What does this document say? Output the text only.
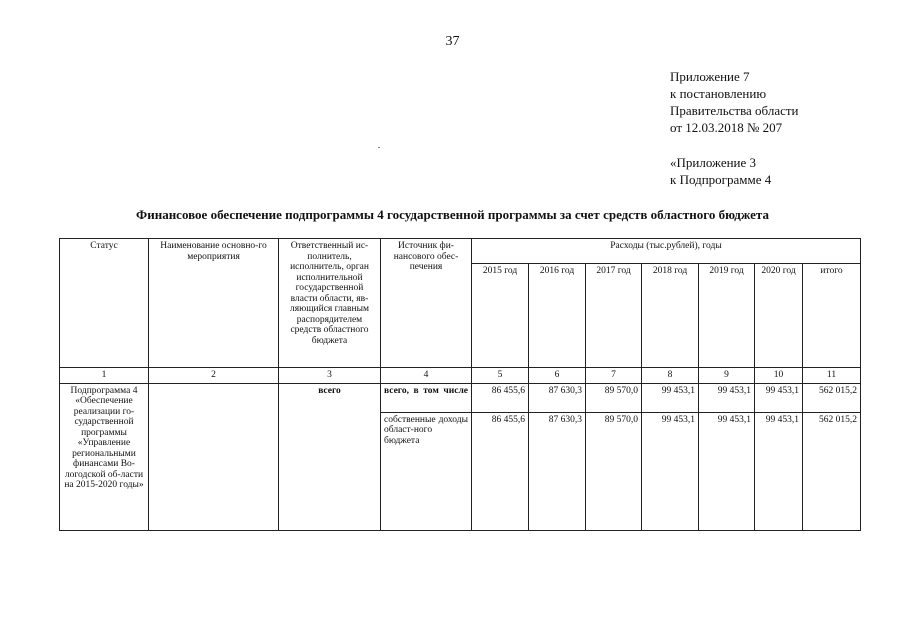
37
Приложение 7
к постановлению
Правительства области
от 12.03.2018 № 207
«Приложение 3
к Подпрограмме 4
Финансовое обеспечение подпрограммы 4 государственной программы за счет средств областного бюджета
Статус	Наименование основно-го мероприятия	Ответственный ис-полнитель, исполнитель, орган исполнительной государственной власти области, яв-ляющийся главным распорядителем средств областного бюджета	Источник фи-нансового обес-печения	Расходы (тыс.рублей), годы						
				2015 год	2016 год	2017 год	2018 год	2019 год	2020 год	итого
1	2	3	4	5	6	7	8	9	10	11
Подпрограмма 4 «Обеспечение реализации го-сударственной программы «Управление региональными финансами Во-логодской об-ласти на 2015-2020 годы»		всего	всего, в том числе	86 455,6	87 630,3	89 570,0	99 453,1	99 453,1	99 453,1	562 015,2
			собственные доходы област-ного бюджета	86 455,6	87 630,3	89 570,0	99 453,1	99 453,1	99 453,1	562 015,2
